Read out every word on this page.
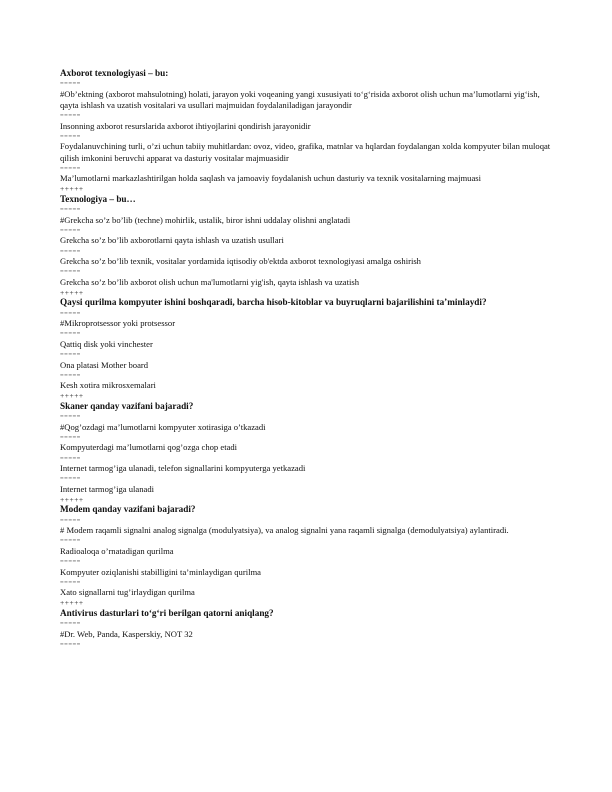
Axborot texnologiyasi – bu:

=====

#Ob’ektning (axborot mahsulotning) holati, jarayon yoki voqeaning yangi xususiyati to‘g‘risida axborot olish uchun ma’lumotlarni yig‘ish, qayta ishlash va uzatish vositalari va usullari majmuidan foydalaniladigan jarayondir

=====

Insonning axborot resurslarida axborot ihtiyojlarini qondirish jarayonidir

=====

Foydalanuvchining turli, o’zi uchun tabiiy muhitlardan: ovoz, video, grafika, matnlar va hqlardan foydalangan xolda kompyuter bilan muloqat qilish imkonini beruvchi apparat va dasturiy vositalar majmuasidir

=====

Ma’lumotlarni markazlashtirilgan holda saqlash va jamoaviy foydalanish uchun dasturiy va texnik vositalarning majmuasi

+++++

Texnologiya – bu…

=====

#Grekcha so’z bo’lib (techne) mohirlik, ustalik, biror ishni uddalay olishni anglatadi

=====

Grekcha so’z bo’lib axborotlarni qayta ishlash va uzatish usullari

=====

Grekcha so’z bo’lib texnik, vositalar yordamida iqtisodiy ob'ektda axborot texnologiyasi amalga oshirish

=====

Grekcha so’z bo’lib axborot olish uchun ma'lumotlarni yig'ish, qayta ishlash va uzatish

+++++

Qaysi qurilma kompyuter ishini boshqaradi, barcha hisob-kitoblar va buyruqlarni bajarilishini ta’minlaydi?

=====

#Mikroprotsessor yoki protsessor

=====

Qattiq disk yoki vinchester

=====

Ona platasi Mother board

=====

Kesh xotira mikrosxemalari

+++++

Skaner qanday vazifani bajaradi?

=====

#Qog’ozdagi ma’lumotlarni kompyuter xotirasiga o’tkazadi

=====

Kompyuterdagi ma’lumotlarni qog’ozga chop etadi

=====

Internet tarmog’iga ulanadi, telefon signallarini kompyuterga yetkazadi

=====

Internet tarmog’iga ulanadi

+++++

Modem qanday vazifani bajaradi?

=====

# Modem raqamli signalni analog signalga (modulyatsiya), va analog signalni yana raqamli signalga (demodulyatsiya) aylantiradi.

=====

Radioaloqa o’rnatadigan qurilma

=====

Kompyuter oziqlanishi stabilligini ta’minlaydigan qurilma

=====

Xato signallarni tug’irlaydigan qurilma

+++++

Antivirus dasturlari to‘g‘ri berilgan qatorni aniqlang?

=====

#Dr. Web, Panda, Kasperskiy, NOT 32

=====
